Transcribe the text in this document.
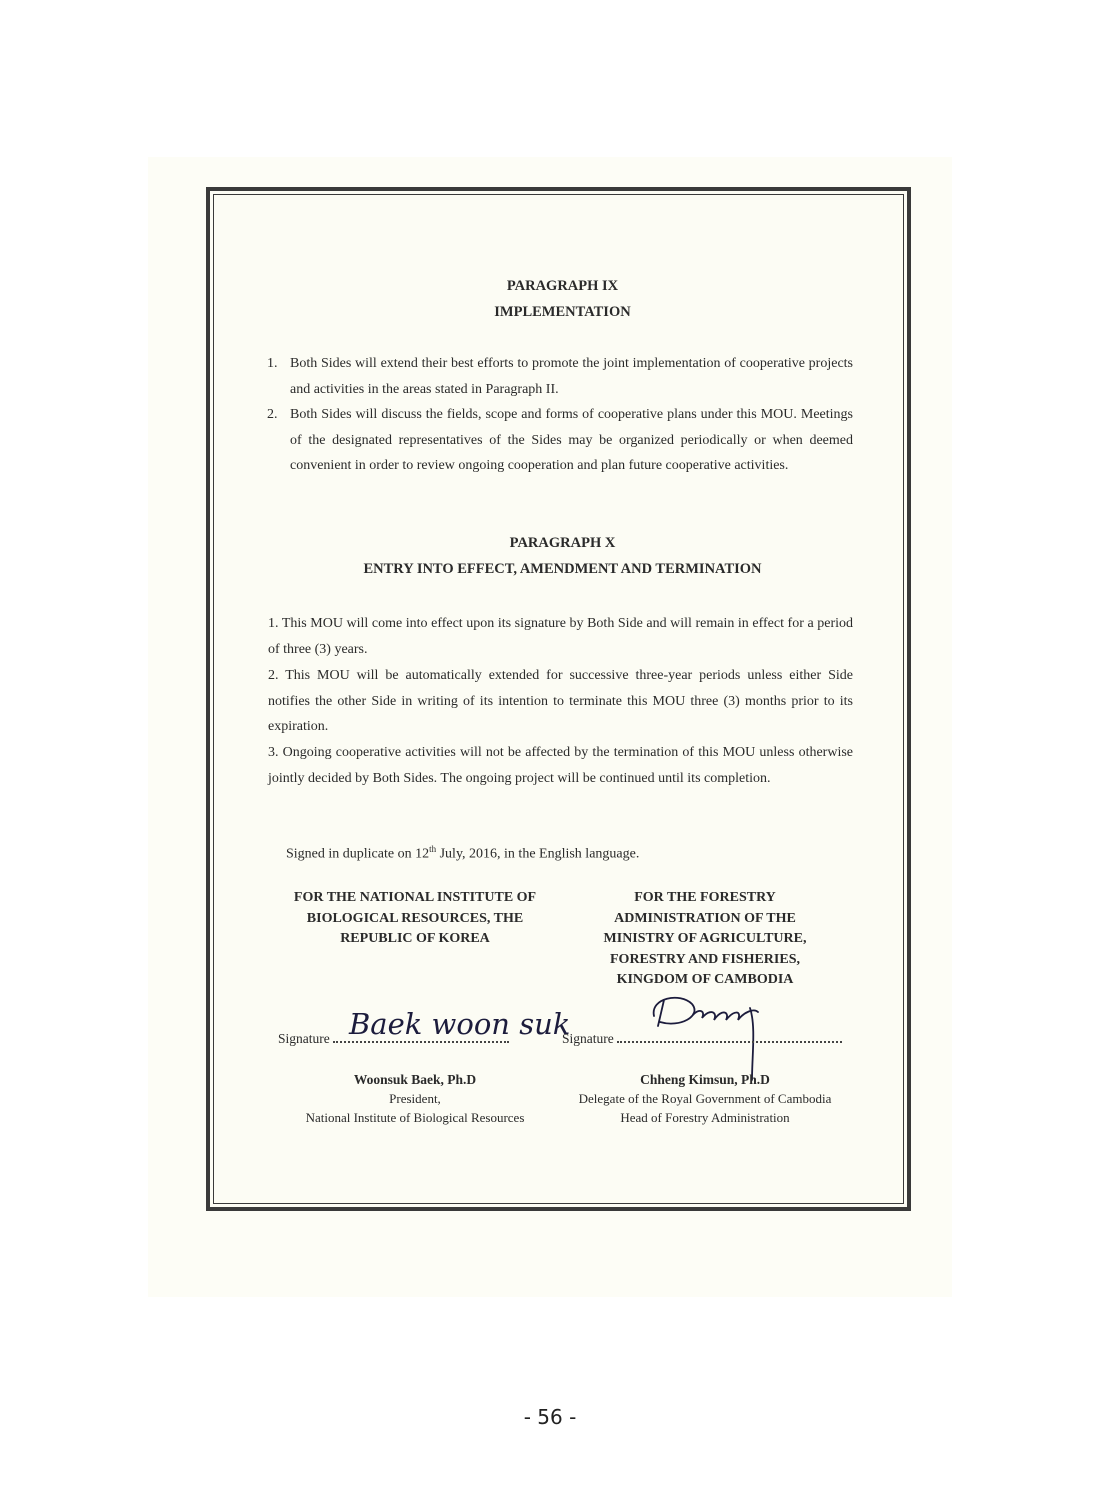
PARAGRAPH IX
IMPLEMENTATION
1. Both Sides will extend their best efforts to promote the joint implementation of cooperative projects and activities in the areas stated in Paragraph II.
2. Both Sides will discuss the fields, scope and forms of cooperative plans under this MOU. Meetings of the designated representatives of the Sides may be organized periodically or when deemed convenient in order to review ongoing cooperation and plan future cooperative activities.
PARAGRAPH X
ENTRY INTO EFFECT, AMENDMENT AND TERMINATION
1. This MOU will come into effect upon its signature by Both Side and will remain in effect for a period of three (3) years.
2. This MOU will be automatically extended for successive three-year periods unless either Side notifies the other Side in writing of its intention to terminate this MOU three (3) months prior to its expiration.
3. Ongoing cooperative activities will not be affected by the termination of this MOU unless otherwise jointly decided by Both Sides. The ongoing project will be continued until its completion.
Signed in duplicate on 12th July, 2016, in the English language.
FOR THE NATIONAL INSTITUTE OF
BIOLOGICAL RESOURCES, THE
REPUBLIC OF KOREA
Baek woon suk
Signature
Woonsuk Baek, Ph.D
President,
National Institute of Biological Resources
FOR THE FORESTRY
ADMINISTRATION OF THE
MINISTRY OF AGRICULTURE,
FORESTRY AND FISHERIES,
KINGDOM OF CAMBODIA
Signature
Chheng Kimsun, Ph.D
Delegate of the Royal Government of Cambodia
Head of Forestry Administration
- 56 -
